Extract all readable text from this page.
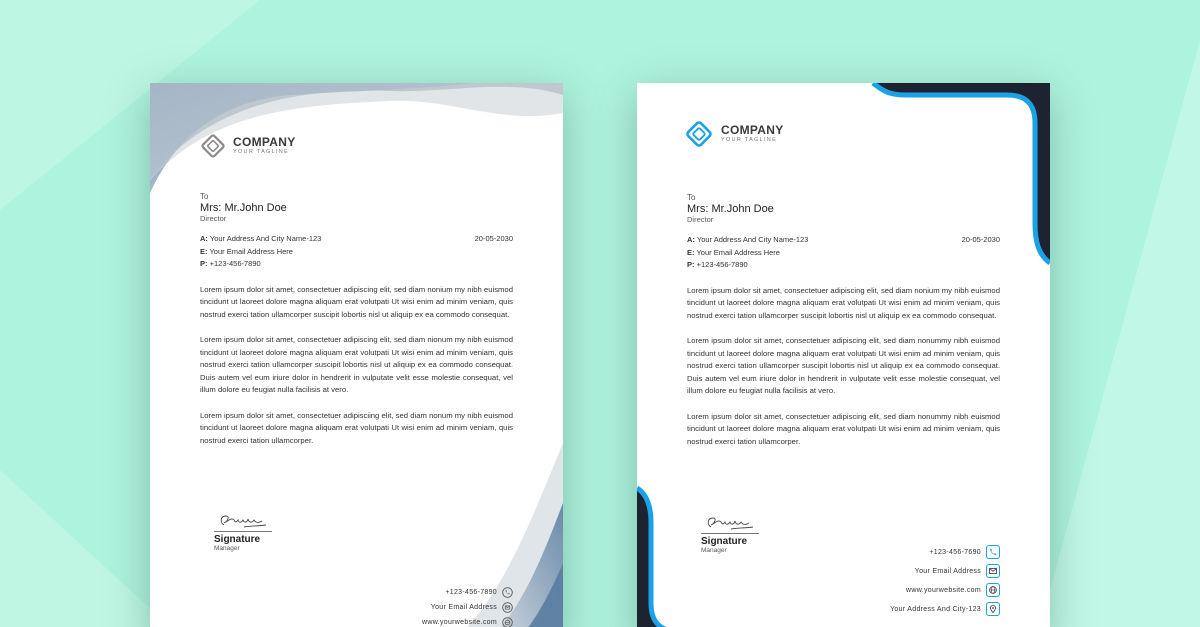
COMPANY
YOUR TAGLINE
To
Mrs: Mr.John Doe
Director
A: Your Address And City Name-123
E: Your Email Address Here
P: +123-456-7890
20-05-2030

Lorem ipsum dolor sit amet, consectetuer adipiscing elit, sed diam nonium my nibh euismod tincidunt ut laoreet dolore magna aliquam erat volutpati Ut wisi enim ad minim veniam, quis nostrud exerci tation ullamcorper suscipit lobortis nisl ut aliquip ex ea commodo consequat.

Lorem ipsum dolor sit amet, consectetuer adipiscing elit, sed diam nionum my nibh euismod tincidunt ut laoreet dolore magna aliquam erat volutpati Ut wisi enim ad minim veniam, quis nostrud exerci tation ullamcorper suscipit lobortis nisl ut aliquip ex ea commodo consequat. Duis autem vel eum iriure dolor in hendrerit in vulputate velit esse molestie consequat, vel illum dolore eu feugiat nulla facilisis at vero.

Lorem ipsum dolor sit amet, consectetuer adipisciing elit, sed diam nonum my nibh euismod tincidunt ut laoreet dolore magna aliquam erat volutpati Ut wisi enim ad minim veniam, quis nostrud exerci tation ullamcorper.

Signature
Manager
+123-456-7890
Your Email Address
www.yourwebsite.com
COMPANY
YOUR TAGLINE
To
Mrs: Mr.John Doe
Director
A: Your Address And City Name-123
E: Your Email Address Here
P: +123-456-7890
20-05-2030

Lorem ipsum dolor sit amet, consectetuer adipiscing elit, sed diam nonium my nibh euismod tincidunt ut laoreet dolore magna aliquam erat volutpati Ut wisi enim ad minim veniam, quis nostrud exerci tation ullamcorper suscipit lobortis nisl ut aliquip ex ea commodo consequat.

Lorem ipsum dolor sit amet, consectetuer adipiscing elit, sed diam nonummy nibh euismod tincidunt ut laoreet dolore magna aliquam erat volutpati Ut wisi enim ad minim veniam, quis nostrud exerci tation ullamcorper suscipit lobortis nisl ut aliquip ex ea commodo consequat. Duis autem vel eum iriure dolor in hendrerit in vulputate velit esse molestie consequat, vel illum dolore eu feugiat nulla facilisis at vero.

Lorem ipsum dolor sit amet, consectetuer adipiscing elit, sed diam nonummy nibh euismod tincidunt ut laoreet dolore magna aliquam erat volutpati Ut wisi enim ad minim veniam, quis nostrud exerci tation ullamcorper.

Signature
Manager	+123-456-7690
Your Email Address
www.yourwebsite.com
Your Address And City-123
